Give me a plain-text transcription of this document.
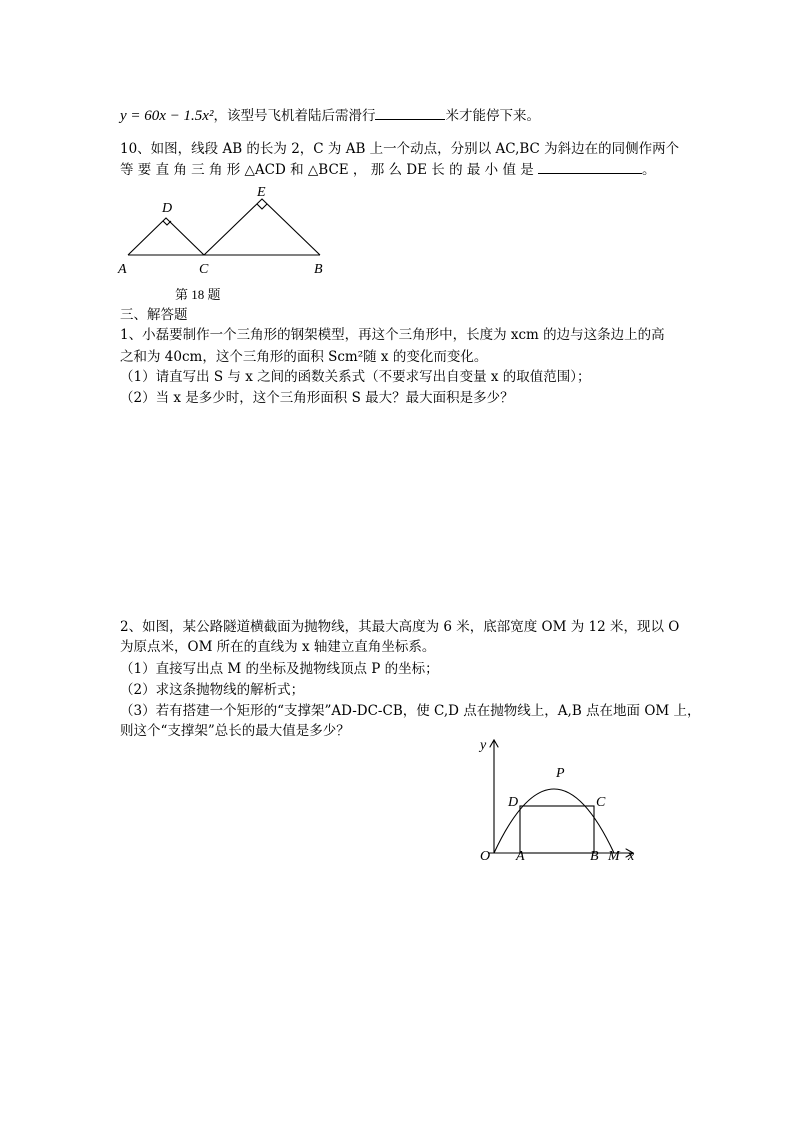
y = 60x − 1.5x²，该型号飞机着陆后需滑行	米才能停下来。
10、如图，线段 AB 的长为 2，C 为 AB 上一个动点，分别以 AC,BC 为斜边在的同侧作两个
等 要 直 角 三 角 形 △ACD 和 △BCE ， 那 么 DE 长 的 最 小 值 是	。
D
E
A	C	B
第 18 题
三、解答题
1、小磊要制作一个三角形的钢架模型，再这个三角形中，长度为 xcm 的边与这条边上的高
之和为 40cm，这个三角形的面积 Scm²随 x 的变化而变化。
（1）请直写出 S 与 x 之间的函数关系式（不要求写出自变量 x 的取值范围）；
（2）当 x 是多少时，这个三角形面积 S 最大？最大面积是多少？
2、如图，某公路隧道横截面为抛物线，其最大高度为 6 米，底部宽度 OM 为 12 米，现以 O
为原点米，OM 所在的直线为 x 轴建立直角坐标系。
（1）直接写出点 M 的坐标及抛物线顶点 P 的坐标；
（2）求这条抛物线的解析式；
（3）若有搭建一个矩形的“支撑架”AD-DC-CB，使 C,D 点在抛物线上，A,B 点在地面 OM 上，
则这个“支撑架”总长的最大值是多少？
y
x
O A	B M
D	C
P
